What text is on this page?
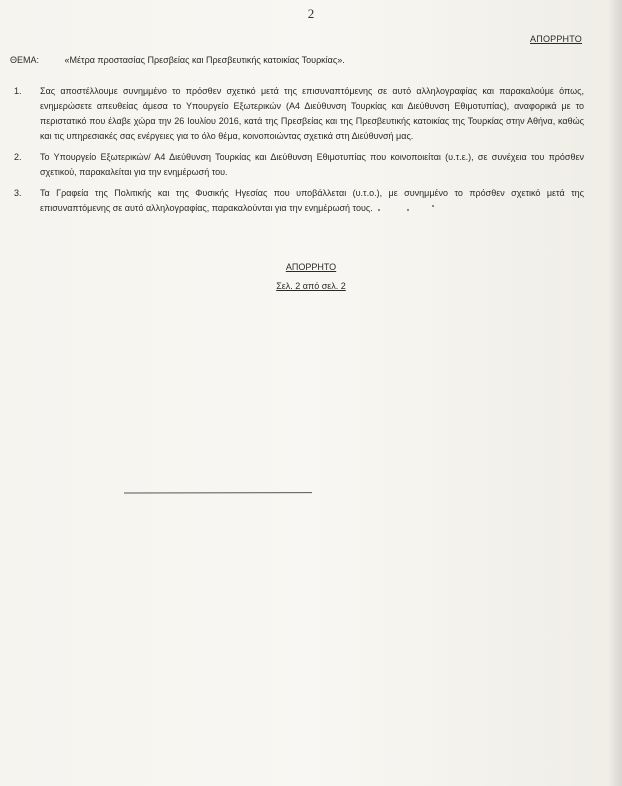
2
ΑΠΟΡΡΗΤΟ
ΘΕΜΑ:	«Μέτρα προστασίας Πρεσβείας και Πρεσβευτικής κατοικίας Τουρκίας».
1. Σας αποστέλλουμε συνημμένο το πρόσθεν σχετικό μετά της επισυναπτόμενης σε αυτό αλληλογραφίας και παρακαλούμε όπως, ενημερώσετε απευθείας άμεσα το Υπουργείο Εξωτερικών (Α4 Διεύθυνση Τουρκίας και Διεύθυνση Εθιμοτυπίας), αναφορικά με το περιστατικό που έλαβε χώρα την 26 Ιουλίου 2016, κατά της Πρεσβείας και της Πρεσβευτικής κατοικίας της Τουρκίας στην Αθήνα, καθώς και τις υπηρεσιακές σας ενέργειες για το όλο θέμα, κοινοποιώντας σχετικά στη Διεύθυνσή μας.
2. Το Υπουργείο Εξωτερικών/ Α4 Διεύθυνση Τουρκίας και Διεύθυνση Εθιμοτυπίας που κοινοποιείται (υ.τ.ε.), σε συνέχεια του πρόσθεν σχετικού, παρακαλείται για την ενημέρωσή του.
3. Τα Γραφεία της Πολιτικής και της Φυσικής Ηγεσίας που υποβάλλεται (υ.τ.ο.), με συνημμένο το πρόσθεν σχετικό μετά της επισυναπτόμενης σε αυτό αλληλογραφίας, παρακαλούνται για την ενημέρωσή τους.
ΑΠΟΡΡΗΤΟ
Σελ. 2 από σελ. 2
